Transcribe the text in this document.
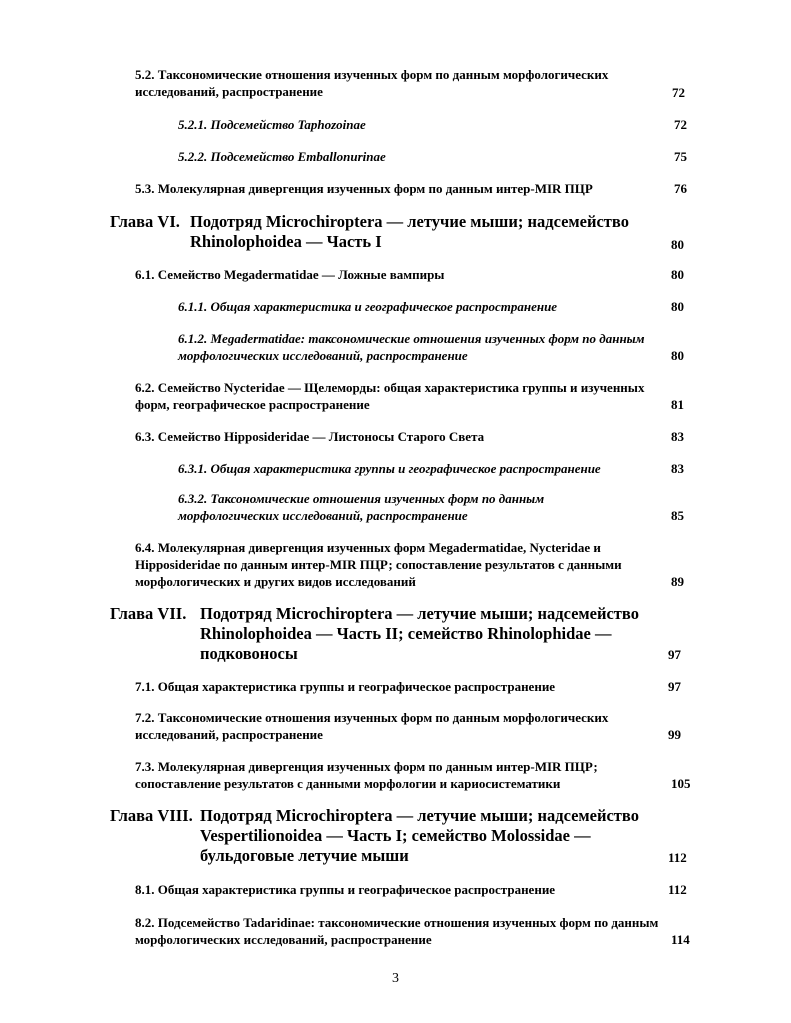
5.2. Таксономические отношения изученных форм по данным морфологических исследований, распространение	72
5.2.1. Подсемейство Taphozoinae	72
5.2.2. Подсемейство Emballonurinae	75
5.3. Молекулярная дивергенция изученных форм по данным интер-MIR ПЦР	76
Глава VI. Подотряд Microchiroptera — летучие мыши; надсемейство Rhinolophoidea — Часть I	80
6.1. Семейство Megadermatidae — Ложные вампиры	80
6.1.1. Общая характеристика и географическое распространение	80
6.1.2. Megadermatidae: таксономические отношения изученных форм по данным морфологических исследований, распространение	80
6.2. Семейство Nycteridae — Щелеморды: общая характеристика группы и изученных форм, географическое распространение	81
6.3. Семейство Hipposideridae — Листоносы Старого Света	83
6.3.1. Общая характеристика группы и географическое распространение	83
6.3.2. Таксономические отношения изученных форм по данным морфологических исследований, распространение	85
6.4. Молекулярная дивергенция изученных форм Megadermatidae, Nycteridae и Hipposideridae по данным интер-MIR ПЦР; сопоставление результатов с данными морфологических и других видов исследований	89
Глава VII. Подотряд Microchiroptera — летучие мыши; надсемейство Rhinolophoidea — Часть II; семейство Rhinolophidae — подковоносы	97
7.1. Общая характеристика группы и географическое распространение	97
7.2. Таксономические отношения изученных форм по данным морфологических исследований, распространение	99
7.3. Молекулярная дивергенция изученных форм по данным интер-MIR ПЦР; сопоставление результатов с данными морфологии и кариосистематики	105
Глава VIII. Подотряд Microchiroptera — летучие мыши; надсемейство Vespertilionoidea — Часть I; семейство Molossidae — бульдоговые летучие мыши	112
8.1. Общая характеристика группы и географическое распространение	112
8.2. Подсемейство Tadaridinae: таксономические отношения изученных форм по данным морфологических исследований, распространение	114
3
